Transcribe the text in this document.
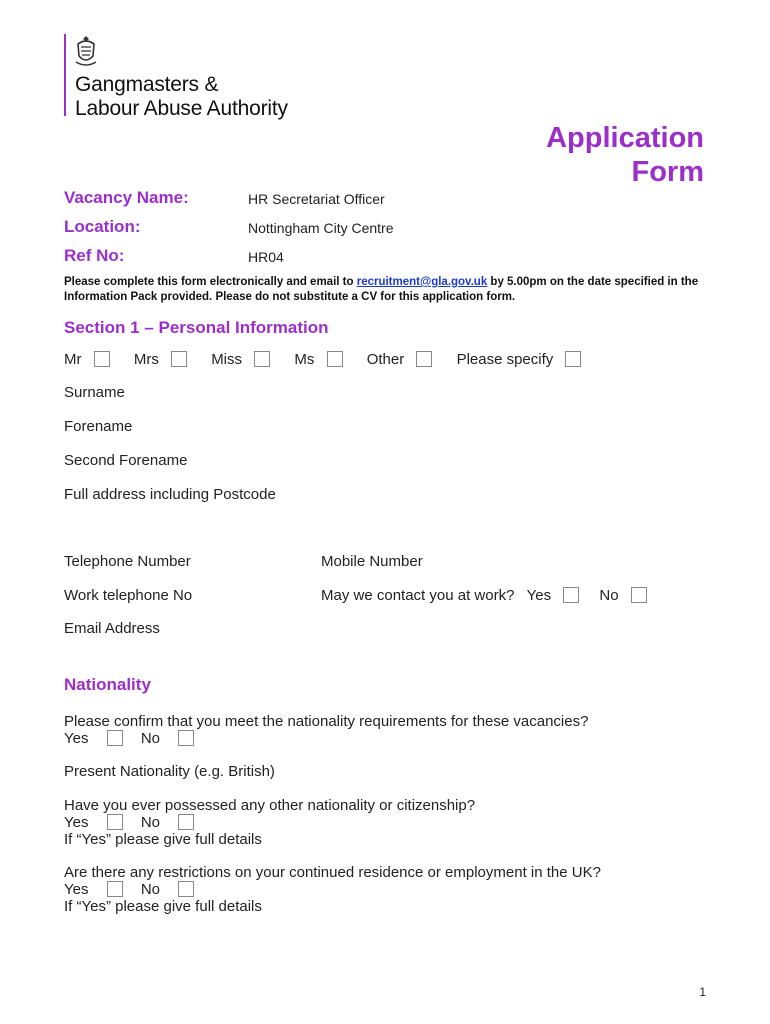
Gangmasters &
Labour Abuse Authority
Application
Form
Vacancy Name:	HR Secretariat Officer
Location:	Nottingham City Centre
Ref No:	HR04
Please complete this form electronically and email to recruitment@gla.gov.uk by 5.00pm on the date specified in the Information Pack provided. Please do not substitute a CV for this application form.
Section 1 – Personal Information
Mr	Mrs	Miss	Ms	Other	Please specify
Surname
Forename
Second Forename
Full address including Postcode
Telephone Number	Mobile Number
Work telephone No	May we contact you at work? Yes	No
Email Address
Nationality
Please confirm that you meet the nationality requirements for these vacancies?
Yes	No
Present Nationality (e.g. British)
Have you ever possessed any other nationality or citizenship?
Yes	No
If “Yes” please give full details
Are there any restrictions on your continued residence or employment in the UK?
Yes	No
If “Yes” please give full details
1
